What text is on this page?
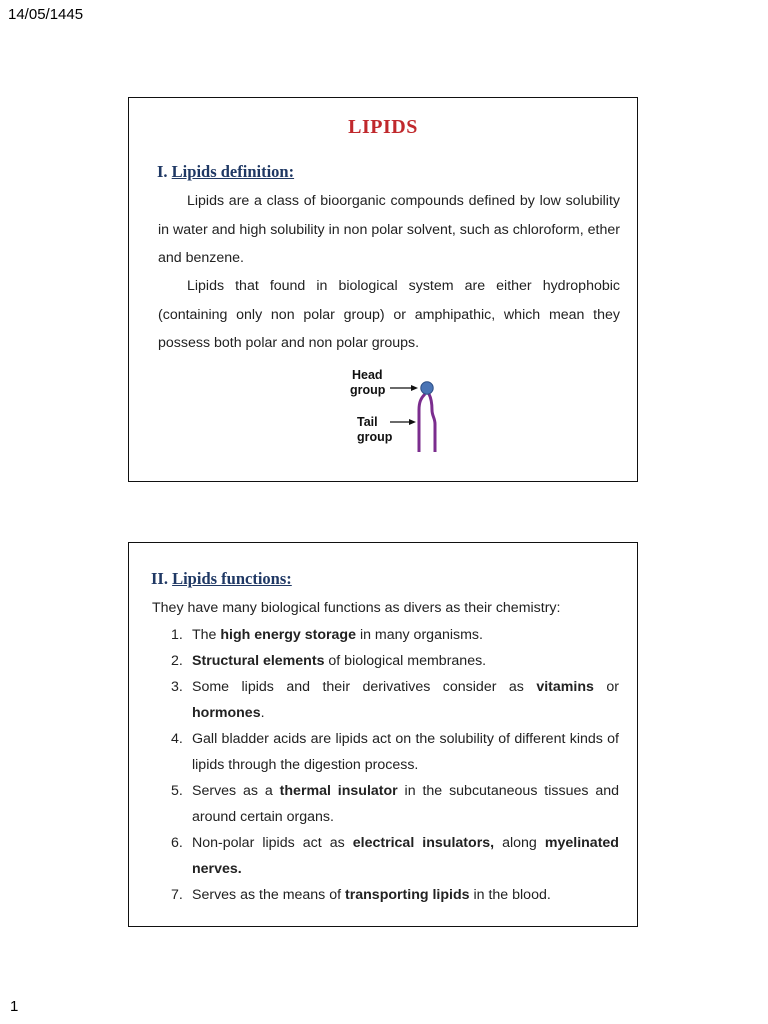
14/05/1445
LIPIDS
I. Lipids definition:
Lipids are a class of bioorganic compounds defined by low solubility in water and high solubility in non polar solvent, such as chloroform, ether and benzene.
Lipids that found in biological system are either hydrophobic (containing only non polar group) or amphipathic, which mean they possess both polar and non polar groups.
Head
group
Tail
group
II. Lipids functions:
They have many biological functions as divers as their chemistry:
1. The high energy storage in many organisms.
2. Structural elements of biological membranes.
3. Some lipids and their derivatives consider as vitamins or hormones.
4. Gall bladder acids are lipids act on the solubility of different kinds of lipids through the digestion process.
5. Serves as a thermal insulator in the subcutaneous tissues and around certain organs.
6. Non-polar lipids act as electrical insulators, along myelinated nerves.
7. Serves as the means of transporting lipids in the blood.
1
